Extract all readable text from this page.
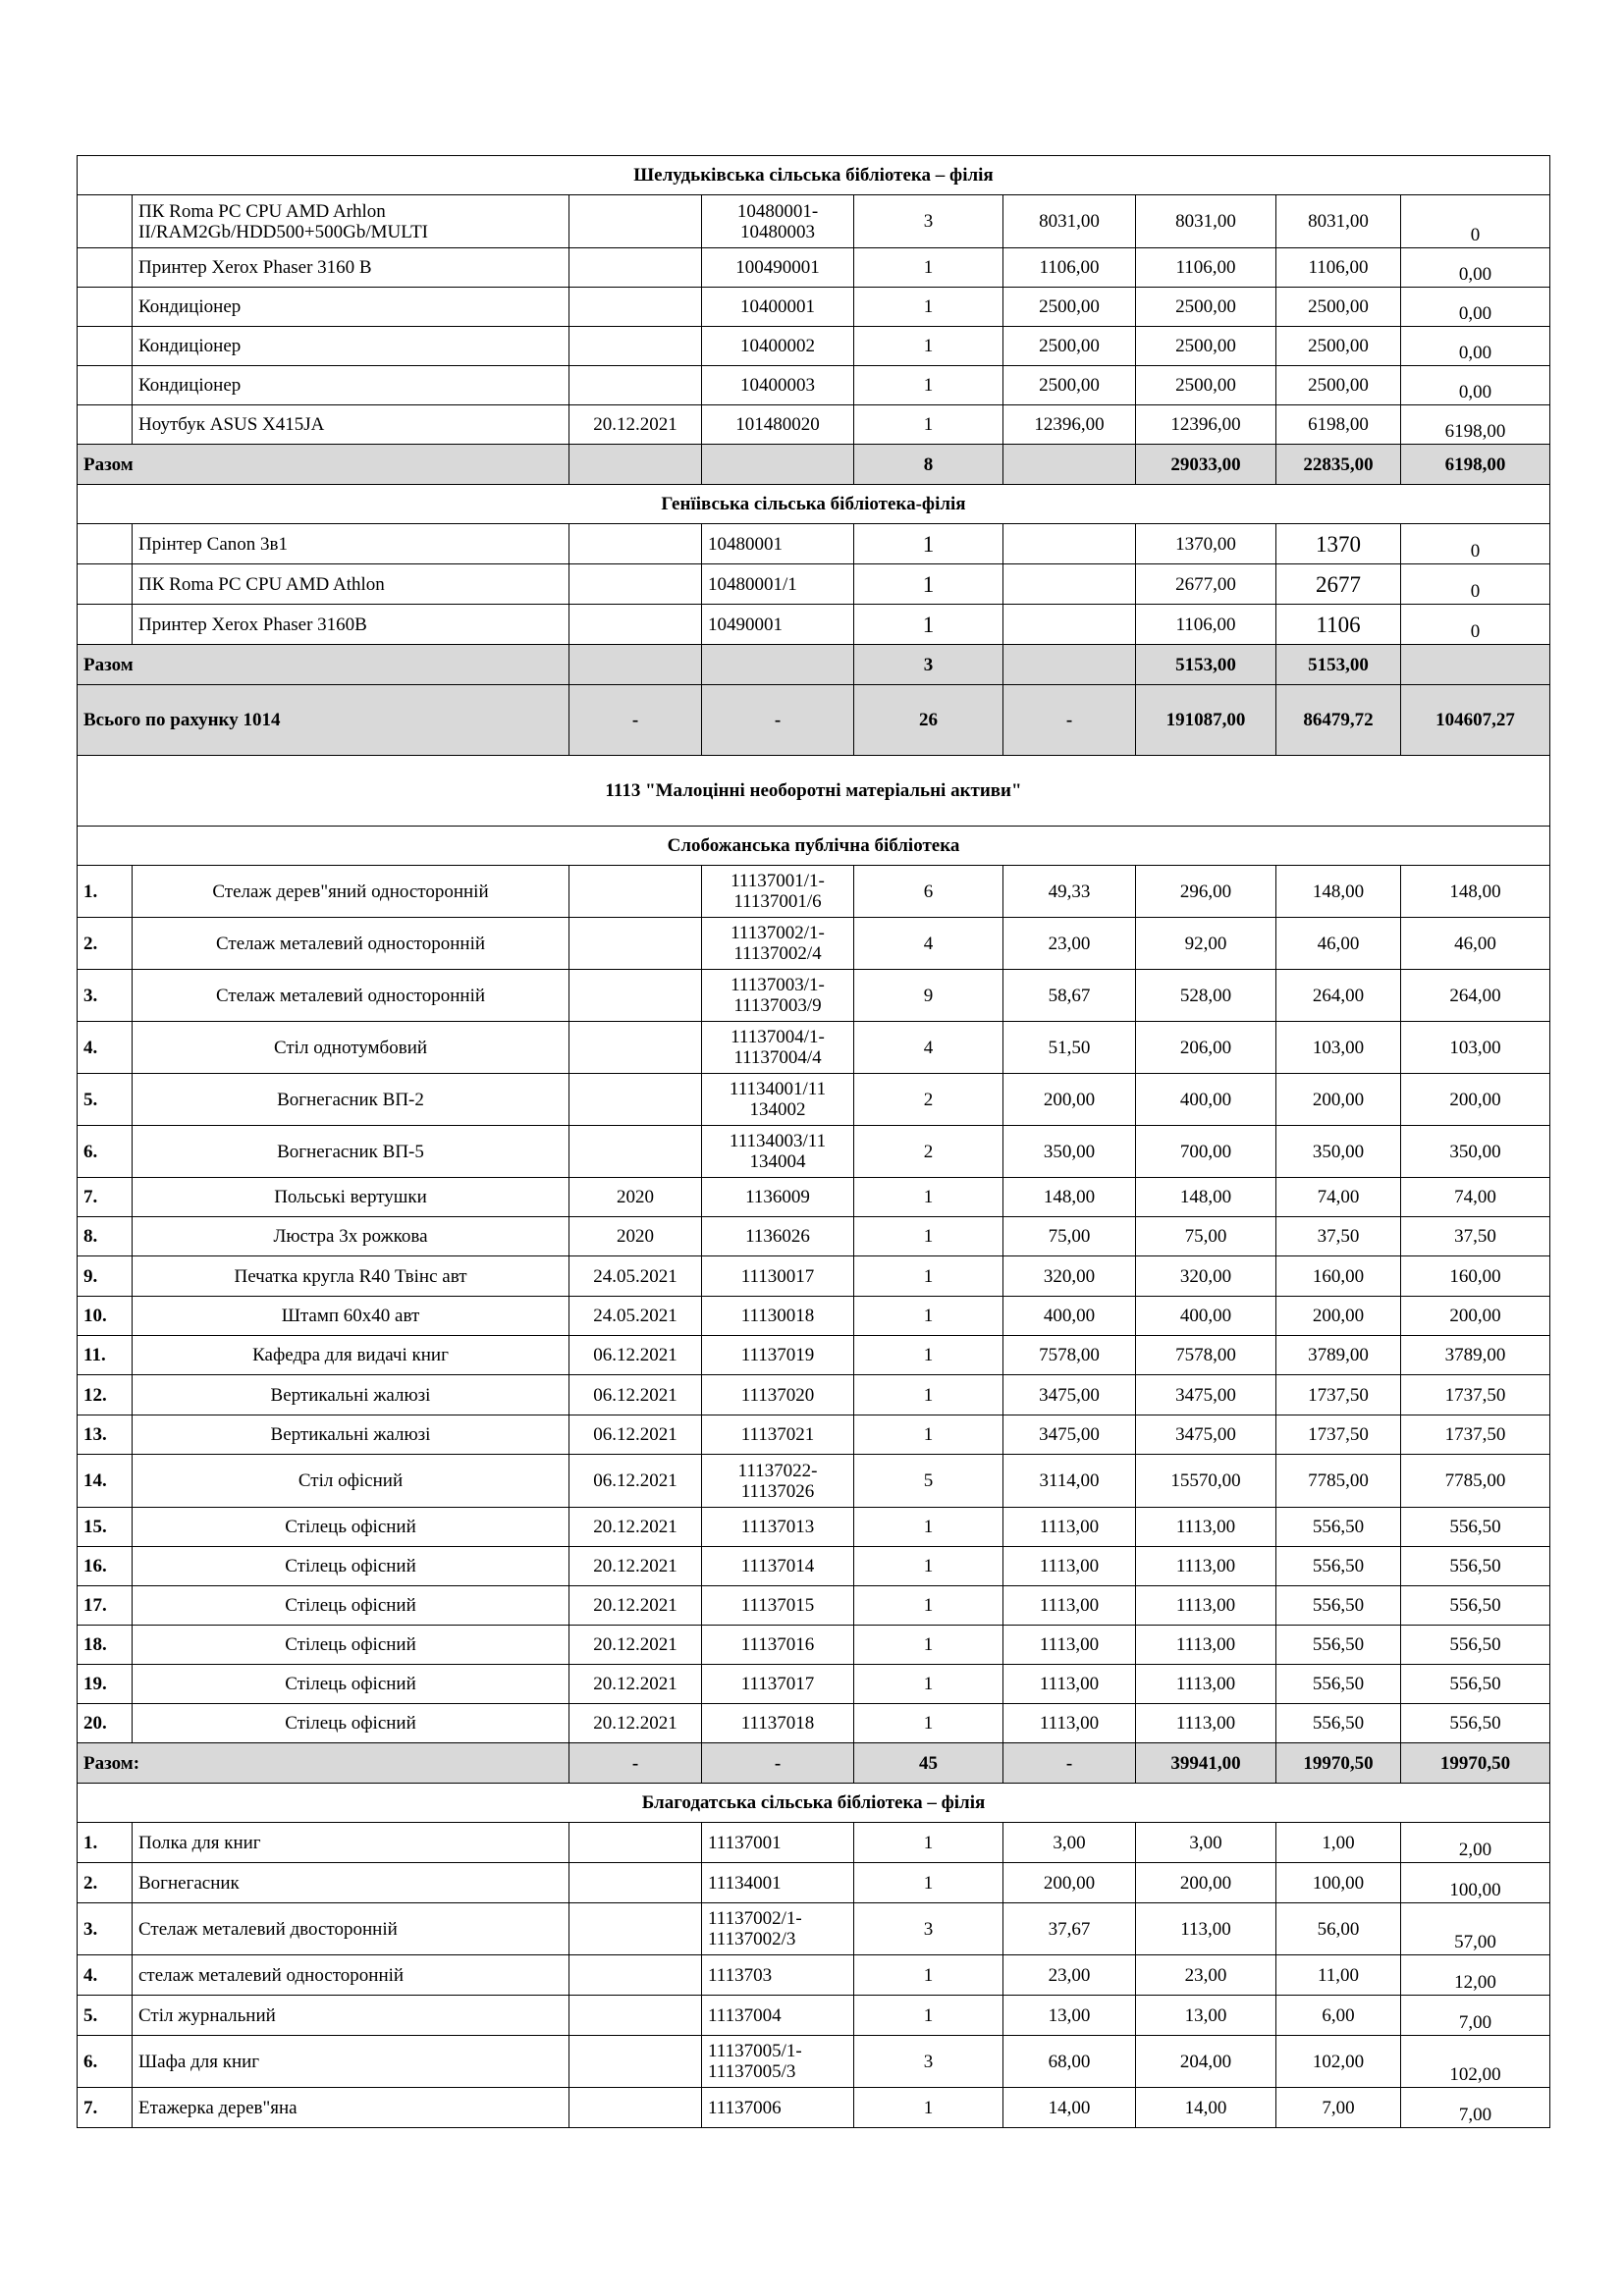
Шелудьківська сільська бібліотека – філія								
	ПК Roma PC CPU AMD Arhlon II/RAM2Gb/HDD500+500Gb/MULTI		10480001-10480003	3	8031,00	8031,00	8031,00	0
	Принтер Xerox Phaser 3160 B		100490001	1	1106,00	1106,00	1106,00	0,00
	Кондиціонер		10400001	1	2500,00	2500,00	2500,00	0,00
	Кондиціонер		10400002	1	2500,00	2500,00	2500,00	0,00
	Кондиціонер		10400003	1	2500,00	2500,00	2500,00	0,00
	Ноутбук ASUS X415JA	20.12.2021	101480020	1	12396,00	12396,00	6198,00	6198,00
Разом				8		29033,00	22835,00	6198,00
Генїівська сільська бібліотека-філія								
	Прінтер Canon 3в1		10480001	1		1370,00	1370	0
	ПК Roma PC CPU AMD Athlon		10480001/1	1		2677,00	2677	0
	Принтер Xerox Phaser 3160B		10490001	1		1106,00	1106	0
Разом				3		5153,00	5153,00	
Всього по рахунку 1014		-	-	26	-	191087,00	86479,72	104607,27
1113 "Малоцінні необоротні матеріальні активи"								
Слобожанська публічна бібліотека								
1.	Стелаж дерев"яний односторонній		11137001/1-11137001/6	6	49,33	296,00	148,00	148,00
2.	Стелаж металевий односторонній		11137002/1-11137002/4	4	23,00	92,00	46,00	46,00
3.	Стелаж металевий односторонній		11137003/1-11137003/9	9	58,67	528,00	264,00	264,00
4.	Стіл однотумбовий		11137004/1-11137004/4	4	51,50	206,00	103,00	103,00
5.	Вогнегасник ВП-2		11134001/11 134002	2	200,00	400,00	200,00	200,00
6.	Вогнегасник ВП-5		11134003/11 134004	2	350,00	700,00	350,00	350,00
7.	Польські вертушки	2020	1136009	1	148,00	148,00	74,00	74,00
8.	Люстра 3х рожкова	2020	1136026	1	75,00	75,00	37,50	37,50
9.	Печатка кругла R40 Твінс авт	24.05.2021	11130017	1	320,00	320,00	160,00	160,00
10.	Штамп 60х40 авт	24.05.2021	11130018	1	400,00	400,00	200,00	200,00
11.	Кафедра для видачі книг	06.12.2021	11137019	1	7578,00	7578,00	3789,00	3789,00
12.	Вертикальні жалюзі	06.12.2021	11137020	1	3475,00	3475,00	1737,50	1737,50
13.	Вертикальні жалюзі	06.12.2021	11137021	1	3475,00	3475,00	1737,50	1737,50
14.	Стіл офісний	06.12.2021	11137022-11137026	5	3114,00	15570,00	7785,00	7785,00
15.	Стілець офісний	20.12.2021	11137013	1	1113,00	1113,00	556,50	556,50
16.	Стілець офісний	20.12.2021	11137014	1	1113,00	1113,00	556,50	556,50
17.	Стілець офісний	20.12.2021	11137015	1	1113,00	1113,00	556,50	556,50
18.	Стілець офісний	20.12.2021	11137016	1	1113,00	1113,00	556,50	556,50
19.	Стілець офісний	20.12.2021	11137017	1	1113,00	1113,00	556,50	556,50
20.	Стілець офісний	20.12.2021	11137018	1	1113,00	1113,00	556,50	556,50
Разом:		-	-	45	-	39941,00	19970,50	19970,50
Благодатська сільська бібліотека – філія								
1.	Полка для книг		11137001	1	3,00	3,00	1,00	2,00
2.	Вогнегасник		11134001	1	200,00	200,00	100,00	100,00
3.	Стелаж металевий двосторонній		11137002/1-11137002/3	3	37,67	113,00	56,00	57,00
4.	стелаж металевий односторонній		1113703	1	23,00	23,00	11,00	12,00
5.	Стіл журнальний		11137004	1	13,00	13,00	6,00	7,00
6.	Шафа для книг		11137005/1-11137005/3	3	68,00	204,00	102,00	102,00
7.	Етажерка дерев"яна		11137006	1	14,00	14,00	7,00	7,00
